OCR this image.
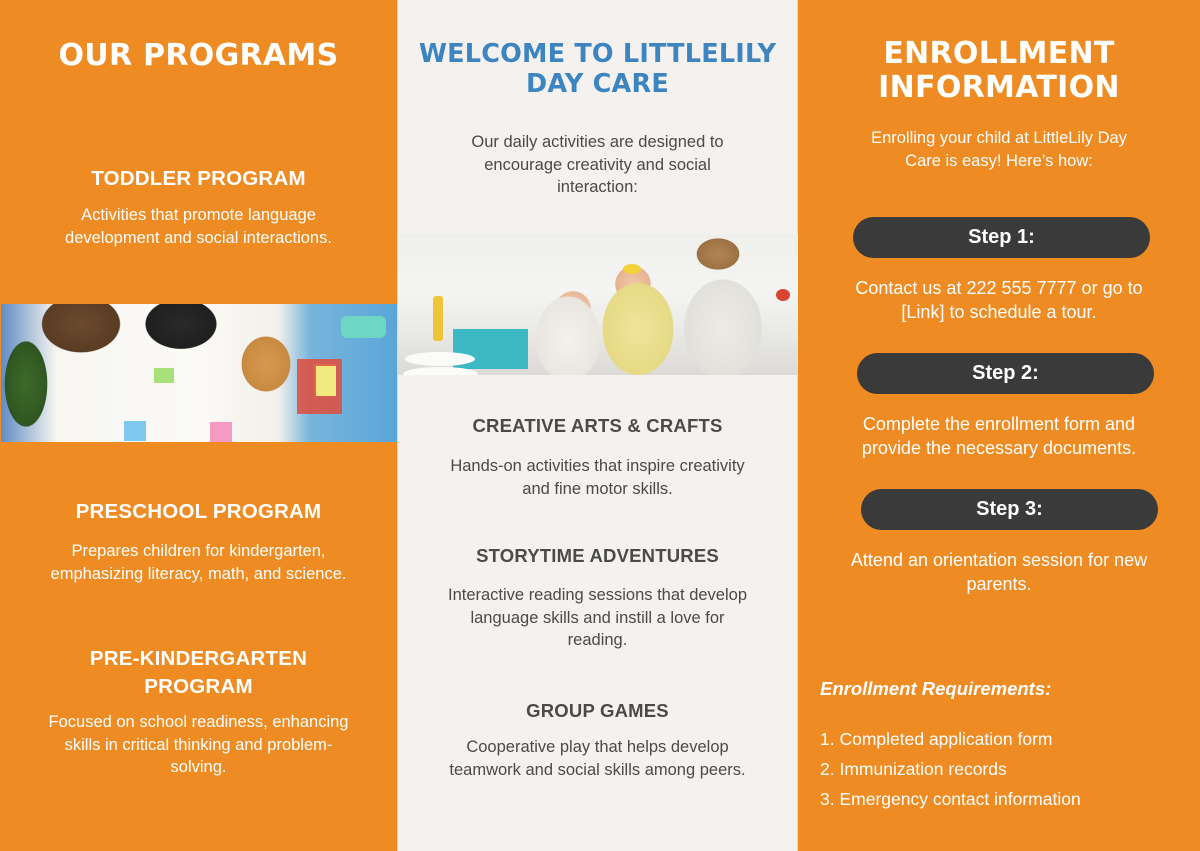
OUR PROGRAMS
TODDLER PROGRAM

Activities that promote language
development and social interactions.

PRESCHOOL PROGRAM

Prepares children for kindergarten,
emphasizing literacy, math, and science.

PRE-KINDERGARTEN
PROGRAM

Focused on school readiness, enhancing
skills in critical thinking and problem-
solving.

WELCOME TO LITTLELILY
DAY CARE

Our daily activities are designed to
encourage creativity and social
interaction:

CREATIVE ARTS & CRAFTS

Hands-on activities that inspire creativity
and fine motor skills.

STORYTIME ADVENTURES

Interactive reading sessions that develop
language skills and instill a love for
reading.

GROUP GAMES

Cooperative play that helps develop
teamwork and social skills among peers.

ENROLLMENT
INFORMATION

Enrolling your child at LittleLily Day
Care is easy! Here’s how:

Step 1:

Contact us at 222 555 7777 or go to
[Link] to schedule a tour.

Step 2:

Complete the enrollment form and
provide the necessary documents.

Step 3:

Attend an orientation session for new
parents.

Enrollment Requirements:
1. Completed application form
2. Immunization records
3. Emergency contact information
